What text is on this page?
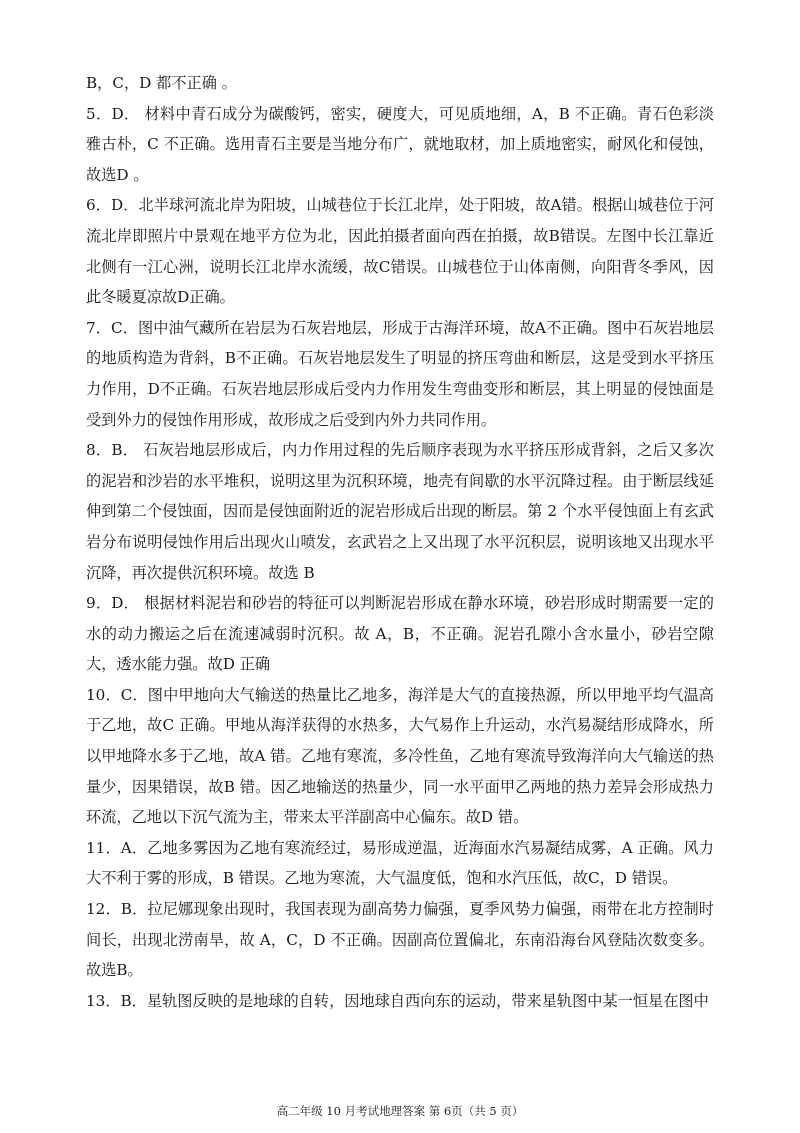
B，C，D 都不正确 。

5．D． 材料中青石成分为碳酸钙，密实，硬度大，可见质地细，A，B 不正确。青石色彩淡雅古朴，C 不正确。选用青石主要是当地分布广，就地取材，加上质地密实，耐风化和侵蚀，故选D 。

6．D．北半球河流北岸为阳坡，山城巷位于长江北岸，处于阳坡，故A错。根据山城巷位于河流北岸即照片中景观在地平方位为北，因此拍摄者面向西在拍摄，故B错误。左图中长江靠近北侧有一江心洲，说明长江北岸水流缓，故C错误。山城巷位于山体南侧，向阳背冬季风，因此冬暖夏凉故D正确。

7．C．图中油气藏所在岩层为石灰岩地层，形成于古海洋环境，故A不正确。图中石灰岩地层的地质构造为背斜，B不正确。石灰岩地层发生了明显的挤压弯曲和断层，这是受到水平挤压力作用，D不正确。石灰岩地层形成后受内力作用发生弯曲变形和断层，其上明显的侵蚀面是受到外力的侵蚀作用形成，故形成之后受到内外力共同作用。

8．B． 石灰岩地层形成后，内力作用过程的先后顺序表现为水平挤压形成背斜，之后又多次的泥岩和沙岩的水平堆积，说明这里为沉积环境，地壳有间歇的水平沉降过程。由于断层线延伸到第二个侵蚀面，因而是侵蚀面附近的泥岩形成后出现的断层。第 2 个水平侵蚀面上有玄武岩分布说明侵蚀作用后出现火山喷发，玄武岩之上又出现了水平沉积层，说明该地又出现水平沉降，再次提供沉积环境。故选 B

9．D． 根据材料泥岩和砂岩的特征可以判断泥岩形成在静水环境，砂岩形成时期需要一定的水的动力搬运之后在流速减弱时沉积。故 A，B，不正确。泥岩孔隙小含水量小，砂岩空隙大，透水能力强。故D 正确

10．C．图中甲地向大气输送的热量比乙地多，海洋是大气的直接热源，所以甲地平均气温高于乙地，故C 正确。甲地从海洋获得的水热多，大气易作上升运动，水汽易凝结形成降水，所以甲地降水多于乙地，故A 错。乙地有寒流，多冷性鱼，乙地有寒流导致海洋向大气输送的热量少，因果错误，故B 错。因乙地输送的热量少，同一水平面甲乙两地的热力差异会形成热力环流，乙地以下沉气流为主，带来太平洋副高中心偏东。故D 错。

11．A．乙地多雾因为乙地有寒流经过，易形成逆温，近海面水汽易凝结成雾，A 正确。风力大不利于雾的形成，B 错误。乙地为寒流，大气温度低，饱和水汽压低，故C，D 错误。

12．B．拉尼娜现象出现时，我国表现为副高势力偏强，夏季风势力偏强，雨带在北方控制时间长，出现北涝南旱，故 A，C，D 不正确。因副高位置偏北，东南沿海台风登陆次数变多。故选B。

13．B．星轨图反映的是地球的自转，因地球自西向东的运动，带来星轨图中某一恒星在图中

高二年级 10 月考试地理答案 第 6页（共 5 页）
